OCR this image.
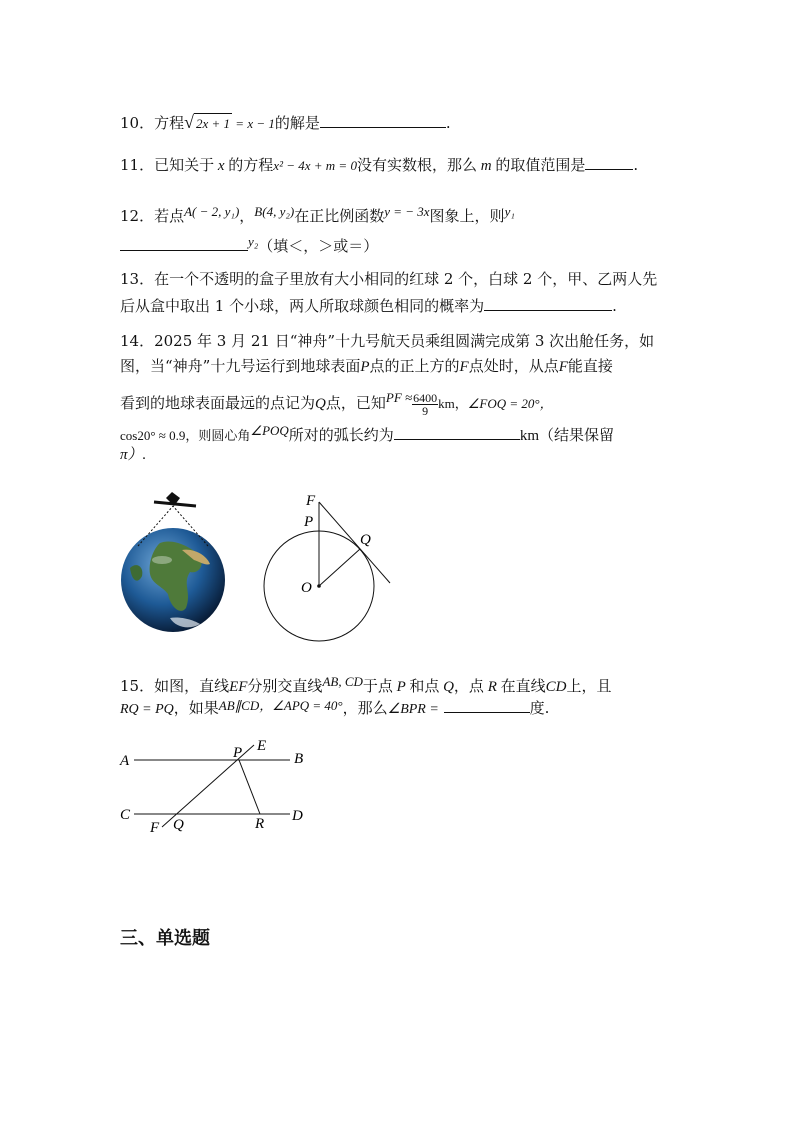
10．方程√ 2x + 1 = x − 1的解是	.
11．已知关于 x 的方程x² − 4x + m = 0没有实数根，那么 m 的取值范围是	.
12．若点A( − 2, y₁)，B(4, y₂)在正比例函数y = − 3x图象上，则y₁
y₂（填＜，＞或＝）
13．在一个不透明的盒子里放有大小相同的红球 2 个，白球 2 个，甲、乙两人先
后从盒中取出 1 个小球，两人所取球颜色相同的概率为	.
14．2025 年 3 月 21 日“神舟”十九号航天员乘组圆满完成第 3 次出舱任务，如
图，当“神舟”十九号运行到地球表面P点的正上方的F点处时，从点F能直接
看到的地球表面最远的点记为Q点，已知PF ≈ $\frac{6400}{9}$ km，∠FOQ = 20°，
cos20° ≈ 0.9，则圆心角∠POQ所对的弧长约为	km（结果保留
π）.
F
P
Q
O
15．如图，直线EF分别交直线AB, CD于点 P 和点 Q，点 R 在直线CD上，且
RQ = PQ，如果AB∥CD，∠APQ = 40°，那么∠BPR =	度.
A	B
C	D
E
F
P
Q	R
三、单选题
